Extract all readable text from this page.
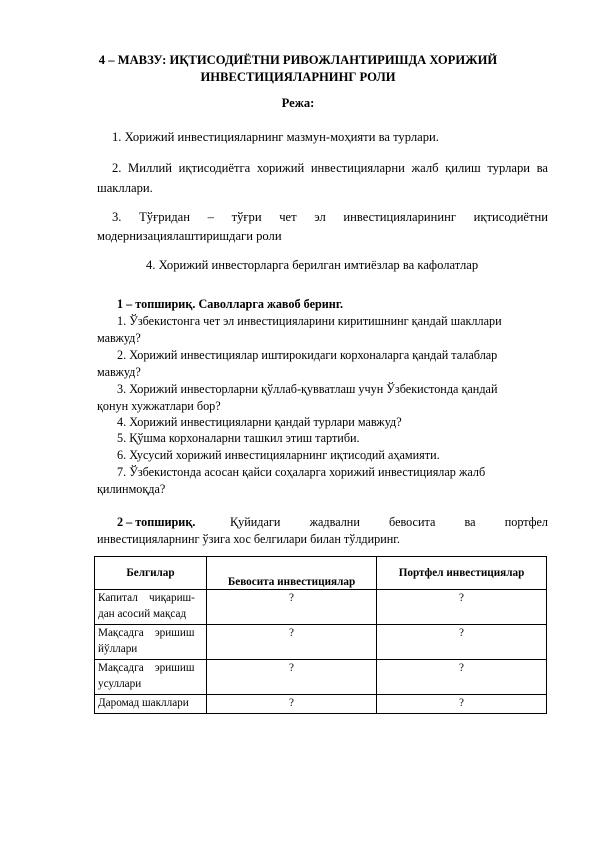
4 – МАВЗУ: ИҚТИСОДИЁТНИ РИВОЖЛАНТИРИШДА ХОРИЖИЙ
ИНВЕСТИЦИЯЛАРНИНГ РОЛИ
Режа:
1. Хорижий инвестицияларнинг мазмун-моҳияти ва турлари.
2. Миллий иқтисодиётга хорижий инвестицияларни жалб қилиш турлари ва
шакллари.
3.    Тўғридан    –    тўғри    чет    эл    инвестицияларининг    иқтисодиётни
модернизациялаштиришдаги роли
4. Хорижий инвесторларга берилган имтиёзлар ва кафолатлар
1 – топшириқ. Саволларга жавоб беринг.
1. Ўзбекистонга чет эл инвестицияларини киритишнинг қандай шакллари
мавжуд?
2. Хорижий инвестициялар иштирокидаги корхоналарга қандай талаблар
мавжуд?
3. Хорижий инвесторларни қўллаб-қувватлаш учун Ўзбекистонда қандай
қонун хужжатлари бор?
4. Хорижий инвестицияларни қандай турлари мавжуд?
5. Қўшма корхоналарни ташкил этиш тартиби.
6. Хусусий хорижий инвестицияларнинг иқтисодий аҳамияти.
7. Ўзбекистонда асосан қайси соҳаларга хорижий инвестициялар жалб
қилинмоқда?
2 – топшириқ.	Қуйидаги жадвални бевосита ва портфел
инвестицияларнинг ўзига хос белгилари билан тўлдиринг.
Белгилар	Бевосита инвестициялар	Портфел инвестициялар

Капитал    чиқариш-
дан асосий мақсад	?	?

Мақсадга    эришиш
йўллари	?	?

Мақсадга    эришиш
усуллари	?	?
Даромад шакллари	?	?
